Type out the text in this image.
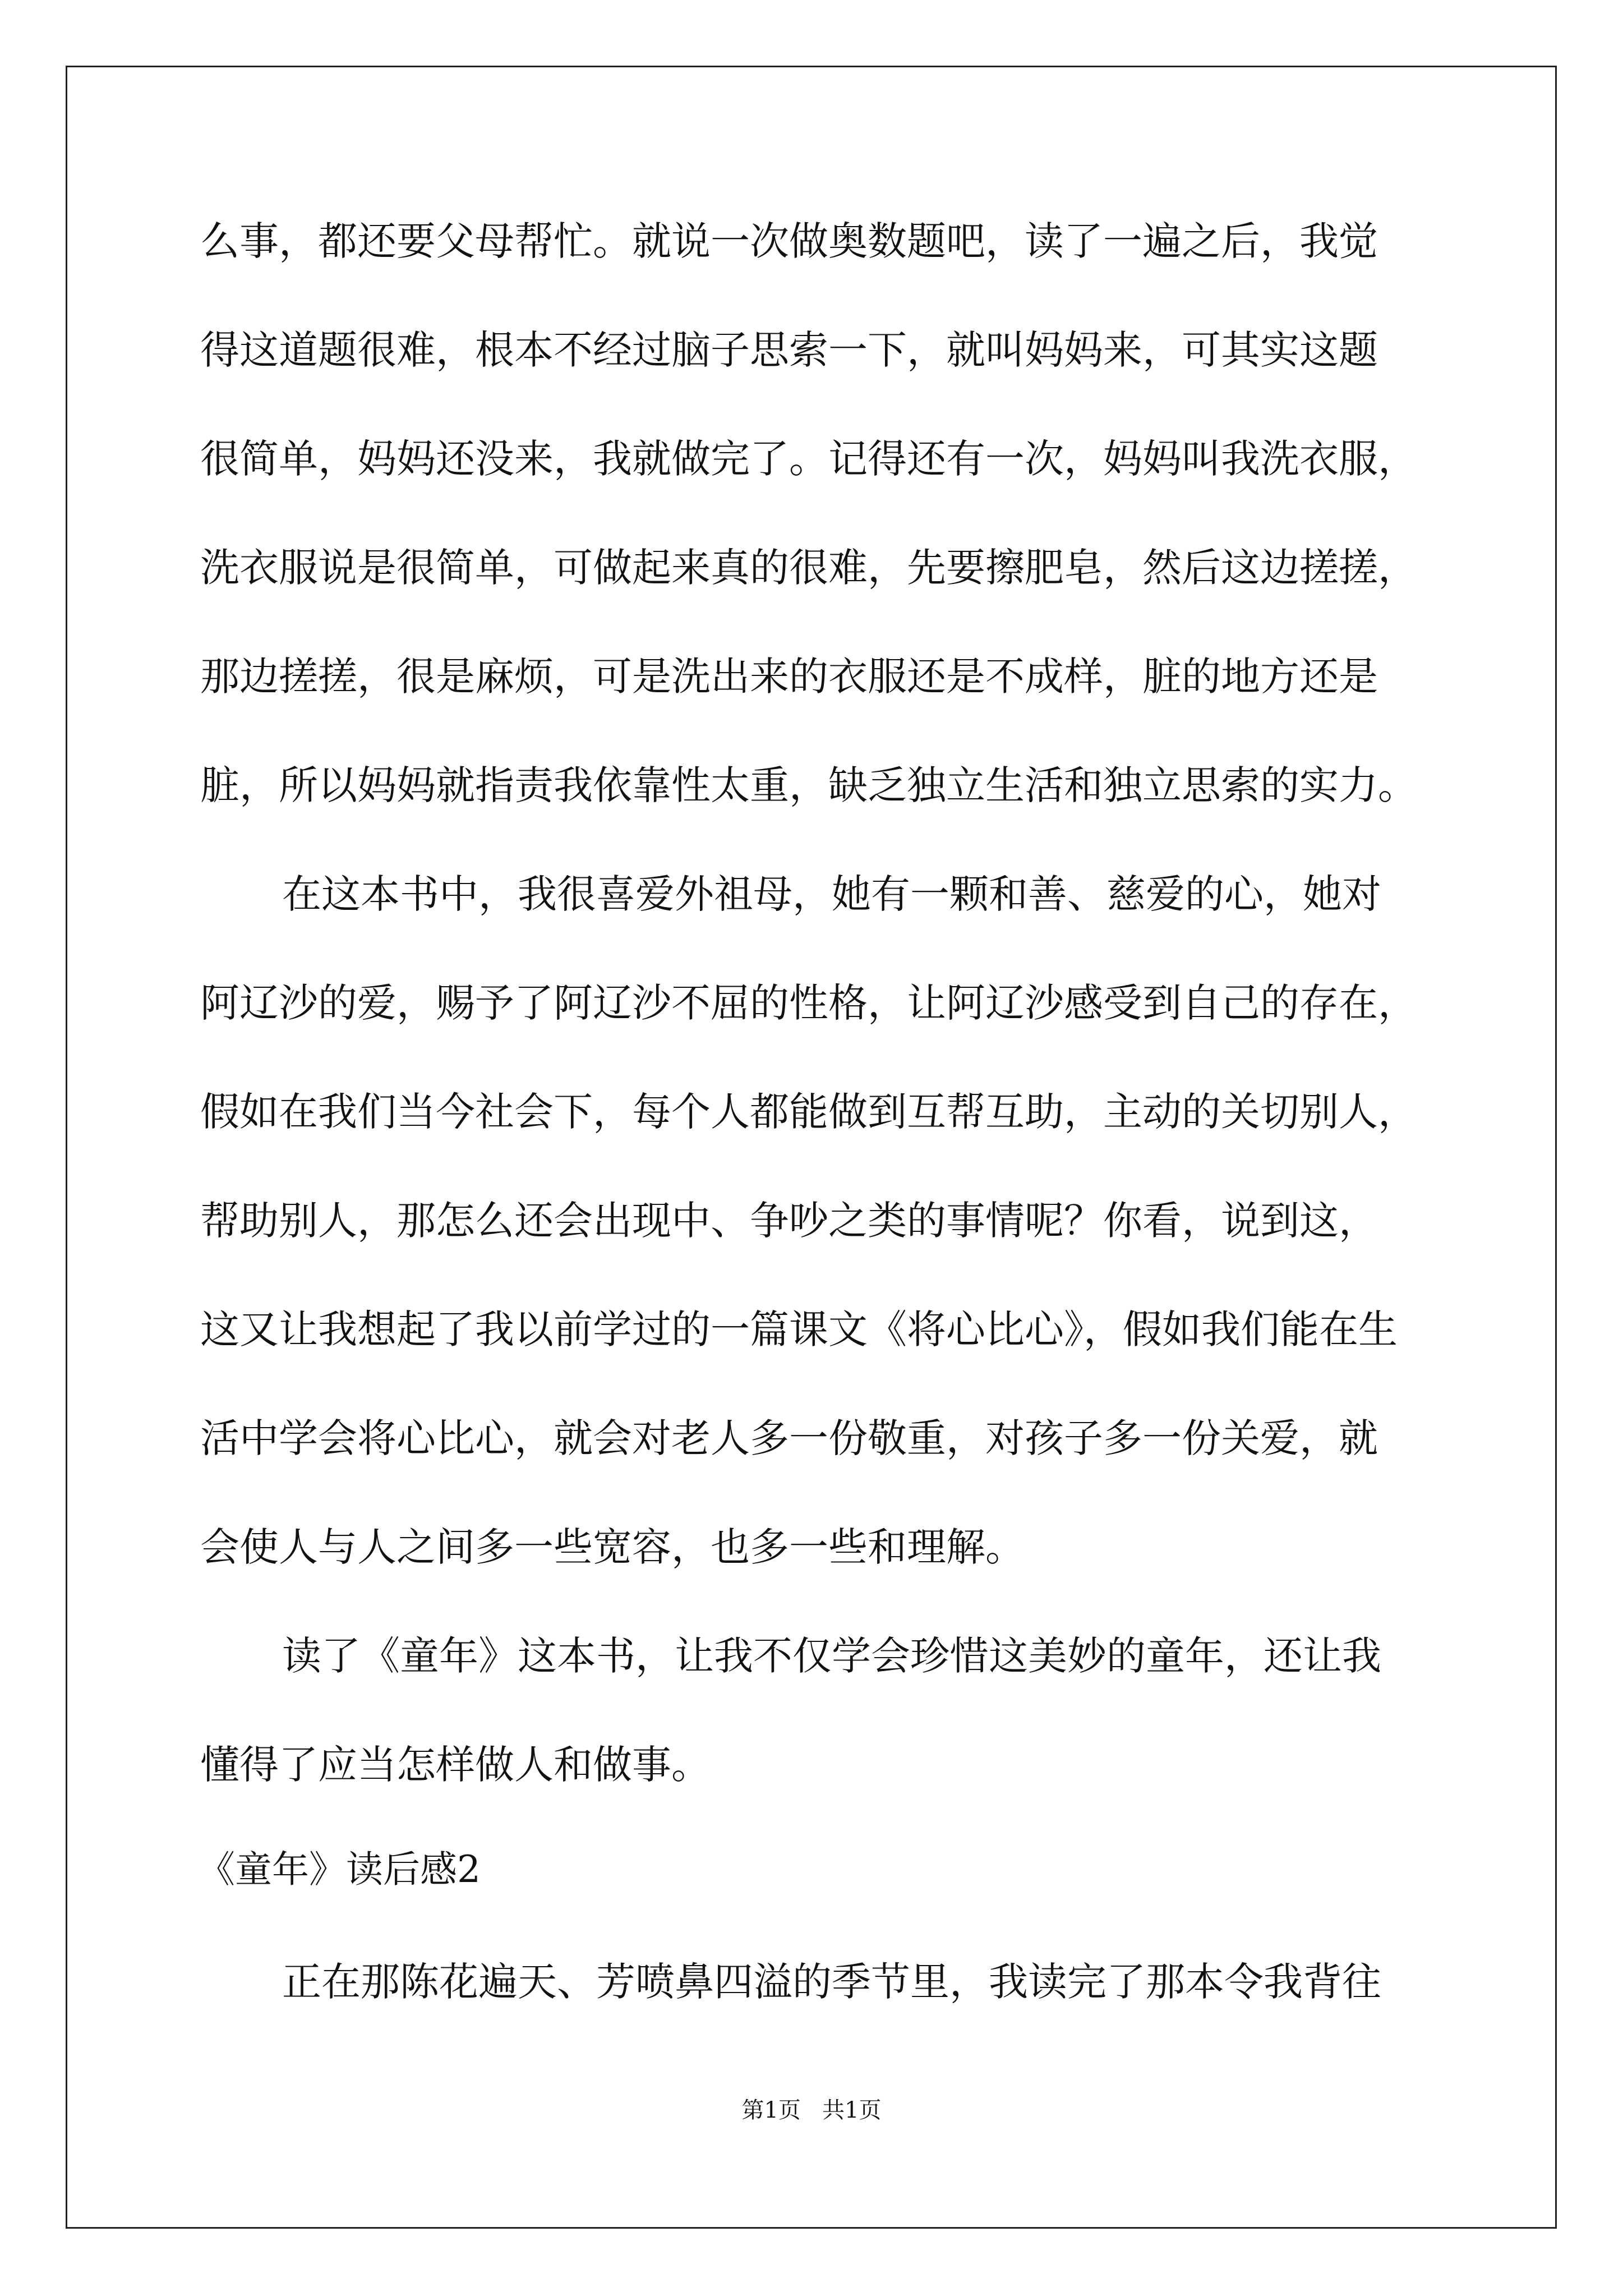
么事，都还要父母帮忙。就说一次做奥数题吧，读了一遍之后，我觉
得这道题很难，根本不经过脑子思索一下，就叫妈妈来，可其实这题
很简单，妈妈还没来，我就做完了。记得还有一次，妈妈叫我洗衣服，
洗衣服说是很简单，可做起来真的很难，先要擦肥皂，然后这边搓搓，
那边搓搓，很是麻烦，可是洗出来的衣服还是不成样，脏的地方还是
脏，所以妈妈就指责我依靠性太重，缺乏独立生活和独立思索的实力。
在这本书中，我很喜爱外祖母，她有一颗和善、慈爱的心，她对
阿辽沙的爱，赐予了阿辽沙不屈的性格，让阿辽沙感受到自己的存在，
假如在我们当今社会下，每个人都能做到互帮互助，主动的关切别人，
帮助别人，那怎么还会出现中、争吵之类的事情呢？你看，说到这，
这又让我想起了我以前学过的一篇课文《将心比心》，假如我们能在生
活中学会将心比心，就会对老人多一份敬重，对孩子多一份关爱，就
会使人与人之间多一些宽容，也多一些和理解。
读了《童年》这本书，让我不仅学会珍惜这美妙的童年，还让我
懂得了应当怎样做人和做事。
《童年》读后感2
正在那陈花遍天、芳喷鼻四溢的季节里，我读完了那本令我背往
第1页   共1页
